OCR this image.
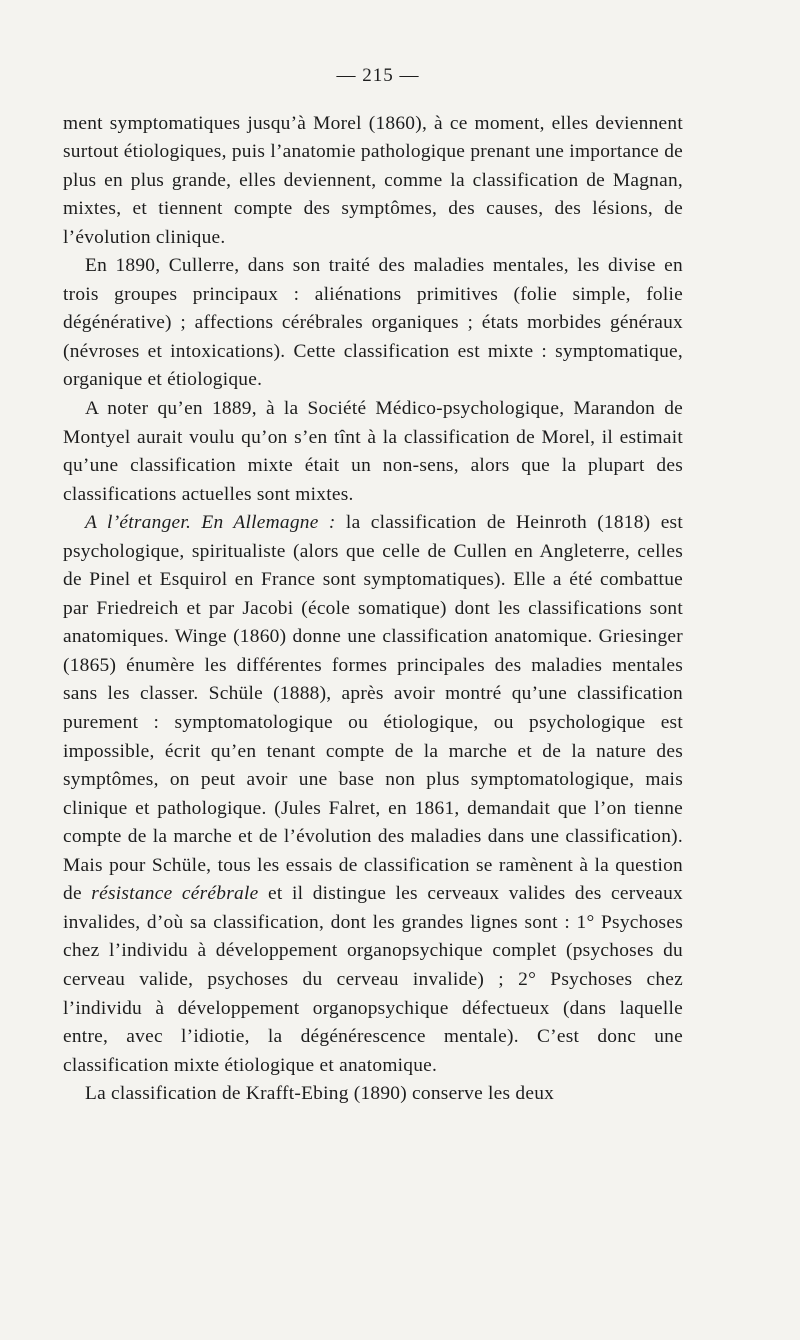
— 215 —

ment symptomatiques jusqu’à Morel (1860), à ce moment, elles deviennent surtout étiologiques, puis l’anatomie pathologique prenant une importance de plus en plus grande, elles deviennent, comme la classification de Magnan, mixtes, et tiennent compte des symptômes, des causes, des lésions, de l’évolution clinique.

En 1890, Cullerre, dans son traité des maladies mentales, les divise en trois groupes principaux : aliénations primitives (folie simple, folie dégénérative) ; affections cérébrales organiques ; états morbides généraux (névroses et intoxications). Cette classification est mixte : symptomatique, organique et étiologique.

A noter qu’en 1889, à la Société Médico-psychologique, Marandon de Montyel aurait voulu qu’on s’en tînt à la classification de Morel, il estimait qu’une classification mixte était un non-sens, alors que la plupart des classifications actuelles sont mixtes.

A l’étranger. En Allemagne : la classification de Heinroth (1818) est psychologique, spiritualiste (alors que celle de Cullen en Angleterre, celles de Pinel et Esquirol en France sont symptomatiques). Elle a été combattue par Friedreich et par Jacobi (école somatique) dont les classifications sont anatomiques. Winge (1860) donne une classification anatomique. Griesinger (1865) énumère les différentes formes principales des maladies mentales sans les classer. Schüle (1888), après avoir montré qu’une classification purement : symptomatologique ou étiologique, ou psychologique est impossible, écrit qu’en tenant compte de la marche et de la nature des symptômes, on peut avoir une base non plus symptomatologique, mais clinique et pathologique. (Jules Falret, en 1861, demandait que l’on tienne compte de la marche et de l’évolution des maladies dans une classification). Mais pour Schüle, tous les essais de classification se ramènent à la question de résistance cérébrale et il distingue les cerveaux valides des cerveaux invalides, d’où sa classification, dont les grandes lignes sont : 1° Psychoses chez l’individu à développement organopsychique complet (psychoses du cerveau valide, psychoses du cerveau invalide) ; 2° Psychoses chez l’individu à développement organopsychique défectueux (dans laquelle entre, avec l’idiotie, la dégénérescence mentale). C’est donc une classification mixte étiologique et anatomique.

La classification de Krafft-Ebing (1890) conserve les deux
